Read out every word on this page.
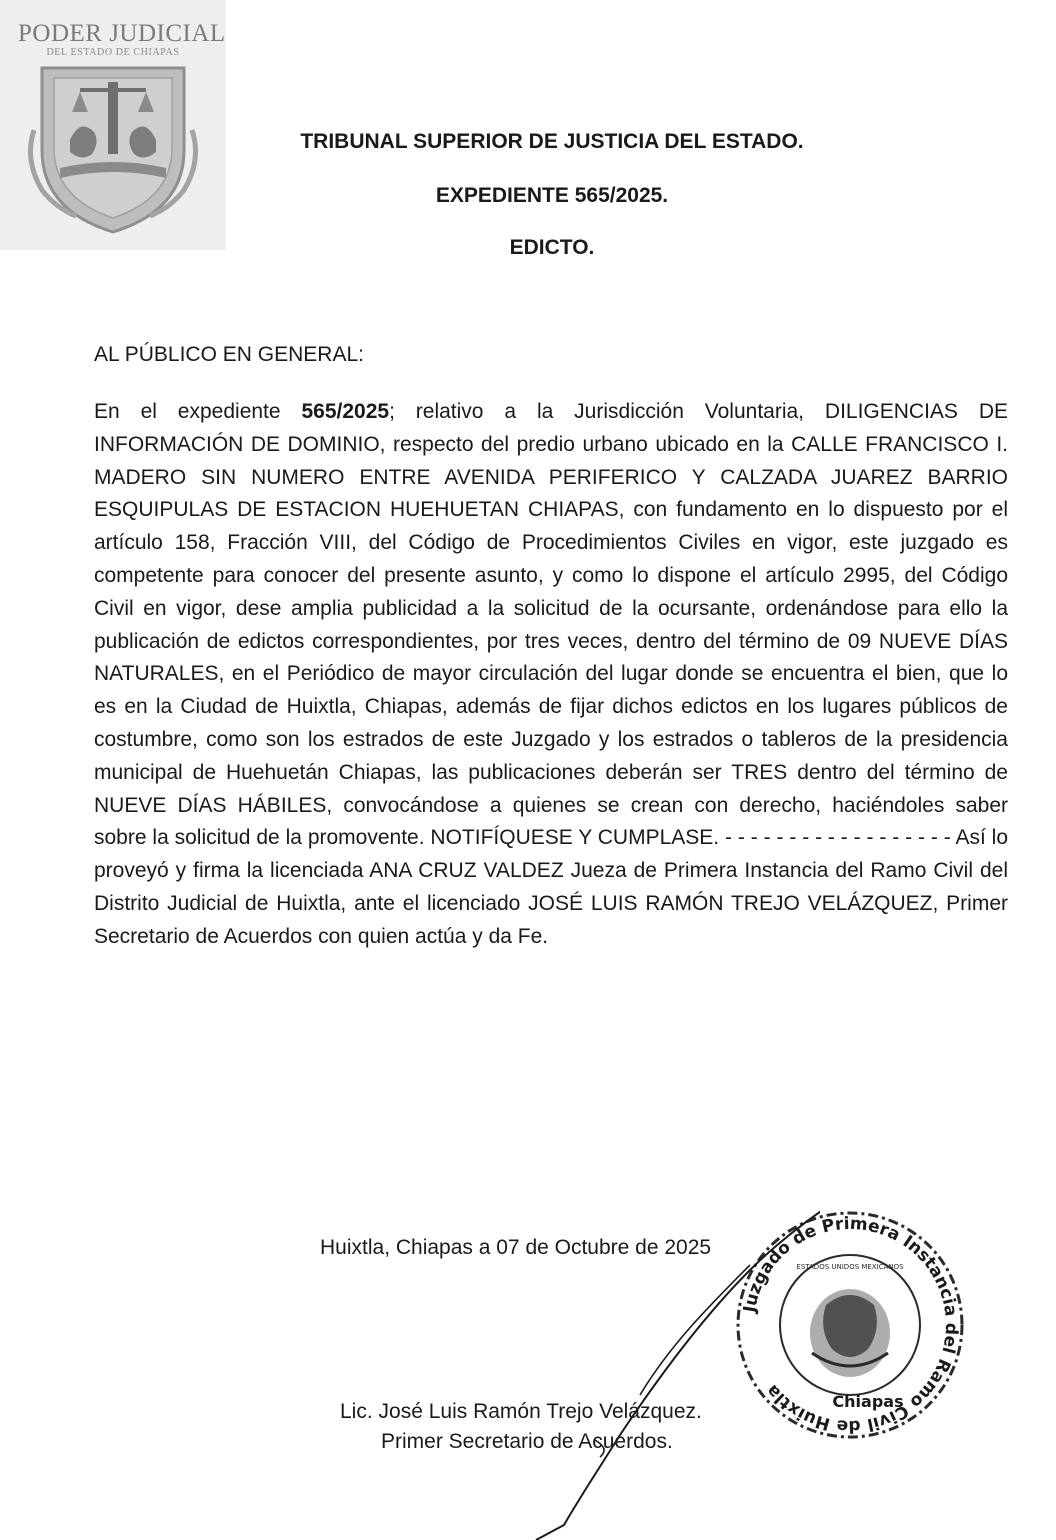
PODER JUDICIAL
DEL ESTADO DE CHIAPAS
TRIBUNAL SUPERIOR DE JUSTICIA DEL ESTADO.
EXPEDIENTE 565/2025.
EDICTO.
AL PÚBLICO EN GENERAL:

En el expediente 565/2025; relativo a la Jurisdicción Voluntaria, DILIGENCIAS DE INFORMACIÓN DE DOMINIO, respecto del predio urbano ubicado en la CALLE FRANCISCO I. MADERO SIN NUMERO ENTRE AVENIDA PERIFERICO Y CALZADA JUAREZ BARRIO ESQUIPULAS DE ESTACION HUEHUETAN CHIAPAS, con fundamento en lo dispuesto por el artículo 158, Fracción VIII, del Código de Procedimientos Civiles en vigor, este juzgado es competente para conocer del presente asunto, y como lo dispone el artículo 2995, del Código Civil en vigor, dese amplia publicidad a la solicitud de la ocursante, ordenándose para ello la publicación de edictos correspondientes, por tres veces, dentro del término de 09 NUEVE DÍAS NATURALES, en el Periódico de mayor circulación del lugar donde se encuentra el bien, que lo es en la Ciudad de Huixtla, Chiapas, además de fijar dichos edictos en los lugares públicos de costumbre, como son los estrados de este Juzgado y los estrados o tableros de la presidencia municipal de Huehuetán Chiapas, las publicaciones deberán ser TRES dentro del término de NUEVE DÍAS HÁBILES, convocándose a quienes se crean con derecho, haciéndoles saber sobre la solicitud de la promovente. NOTIFÍQUESE Y CUMPLASE. - - - - - - - - - - - - - - - - - - Así lo proveyó y firma la licenciada ANA CRUZ VALDEZ Jueza de Primera Instancia del Ramo Civil del Distrito Judicial de Huixtla, ante el licenciado JOSÉ LUIS RAMÓN TREJO VELÁZQUEZ, Primer Secretario de Acuerdos con quien actúa y da Fe.

Huixtla, Chiapas a 07 de Octubre de 2025
Juzgado de Primera Instancia del Ramo Civil de Huixtla	Chiapas
ESTADOS UNIDOS MEXICANOS
Lic. José Luis Ramón Trejo Velázquez.
Primer Secretario de Acuerdos.
